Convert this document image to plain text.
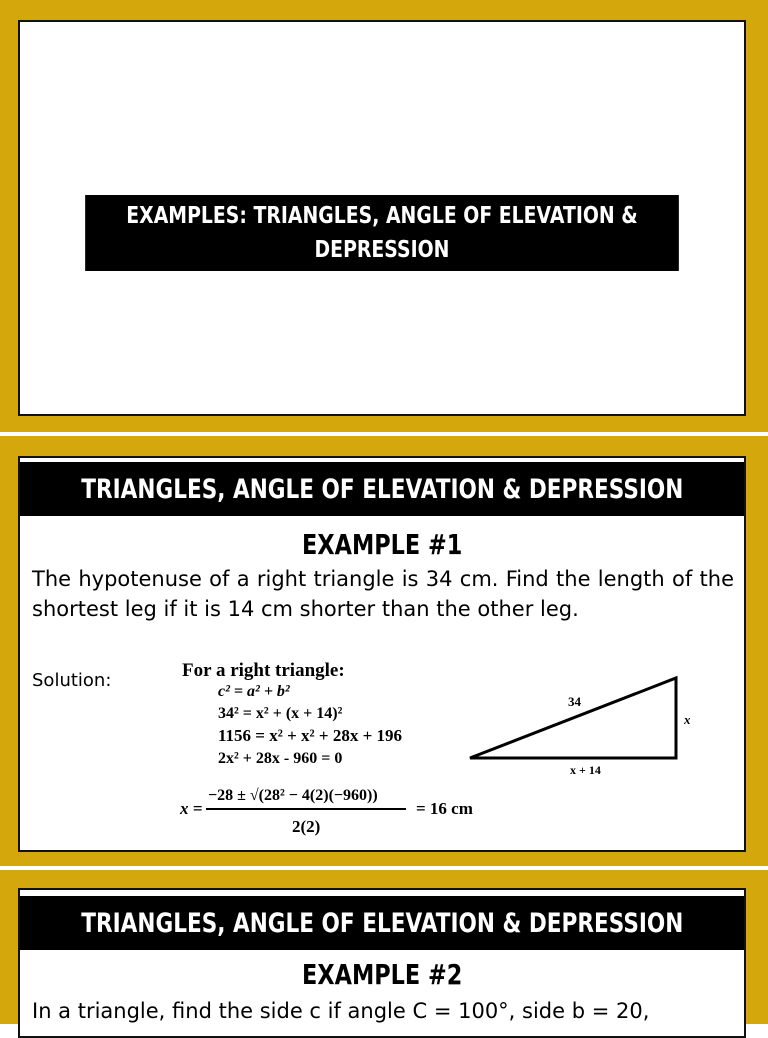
EXAMPLES: TRIANGLES, ANGLE OF ELEVATION & DEPRESSION
TRIANGLES, ANGLE OF ELEVATION & DEPRESSION
EXAMPLE #1
The hypotenuse of a right triangle is 34 cm. Find the length of the shortest leg if it is 14 cm shorter than the other leg.
Solution:	For a right triangle:
c² = a² + b²
34² = x² + (x + 14)²
1156 = x² + x² + 28x + 196
2x² + 28x - 960 = 0
x =
−28 ± √(28² − 4(2)(−960))
2(2)
= 16 cm
34
x
x + 14
TRIANGLES, ANGLE OF ELEVATION & DEPRESSION
EXAMPLE #2
In a triangle, find the side c if angle C = 100°, side b = 20,
